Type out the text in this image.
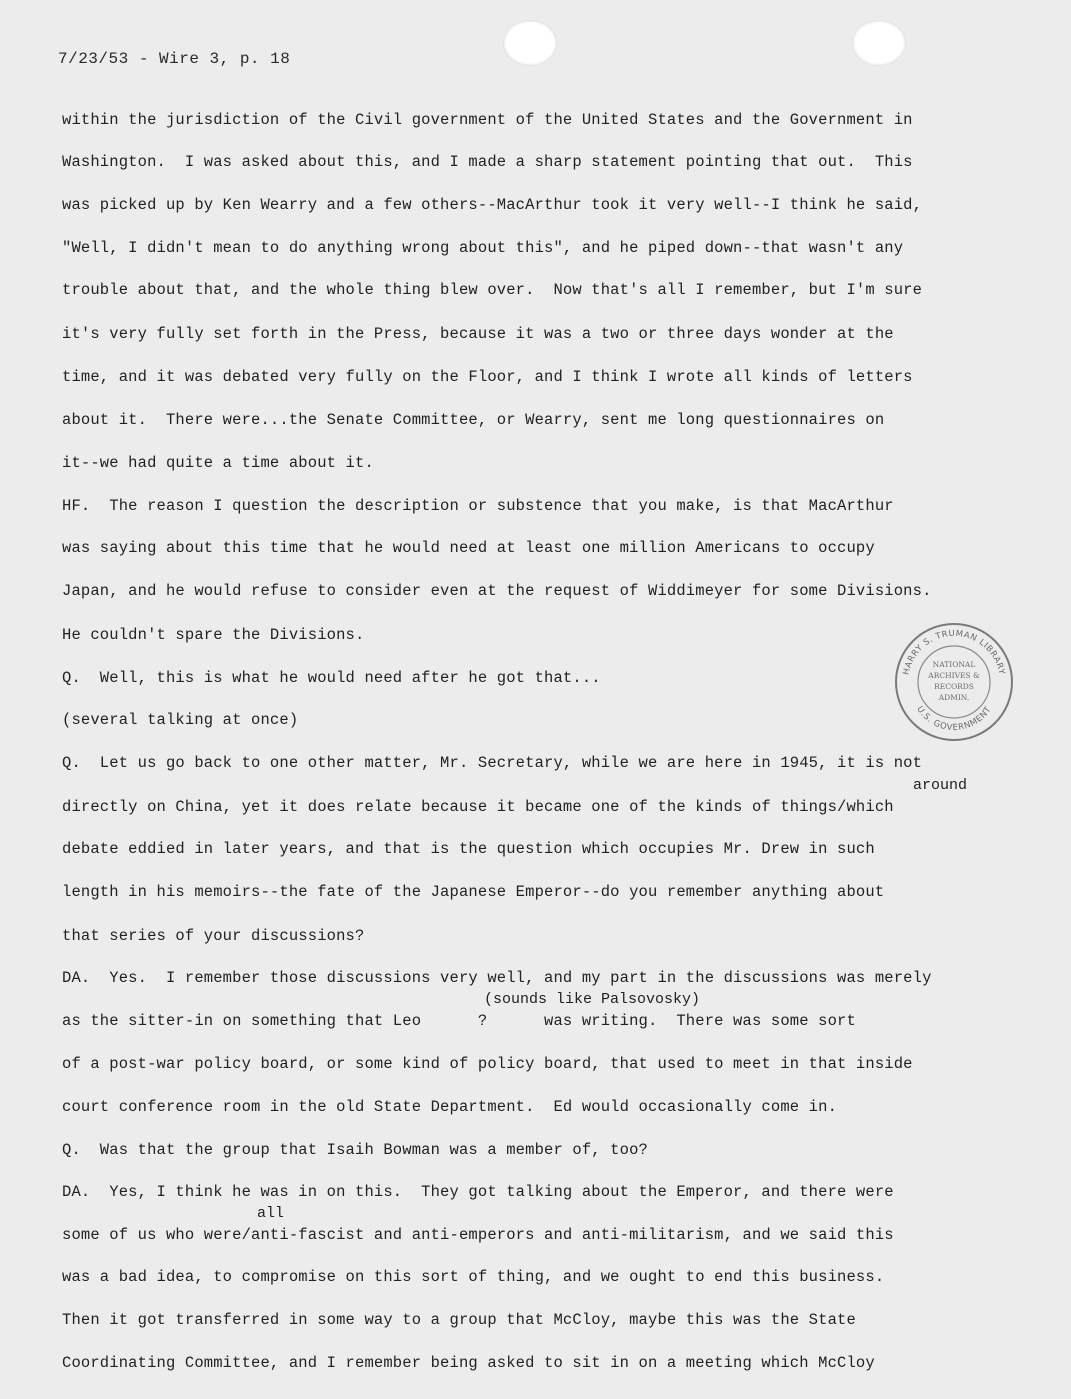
7/23/53 - Wire 3, p. 18
within the jurisdiction of the Civil government of the United States and the Government in
Washington.  I was asked about this, and I made a sharp statement pointing that out.  This
was picked up by Ken Wearry and a few others--MacArthur took it very well--I think he said,
"Well, I didn't mean to do anything wrong about this", and he piped down--that wasn't any
trouble about that, and the whole thing blew over.  Now that's all I remember, but I'm sure
it's very fully set forth in the Press, because it was a two or three days wonder at the
time, and it was debated very fully on the Floor, and I think I wrote all kinds of letters
about it.  There were...the Senate Committee, or Wearry, sent me long questionnaires on
it--we had quite a time about it.
HF.  The reason I question the description or substence that you make, is that MacArthur
was saying about this time that he would need at least one million Americans to occupy
Japan, and he would refuse to consider even at the request of Widdimeyer for some Divisions.
He couldn't spare the Divisions.
Q.  Well, this is what he would need after he got that...
(several talking at once)
Q.  Let us go back to one other matter, Mr. Secretary, while we are here in 1945, it is not
around
directly on China, yet it does relate because it became one of the kinds of things/which
debate eddied in later years, and that is the question which occupies Mr. Drew in such
length in his memoirs--the fate of the Japanese Emperor--do you remember anything about
that series of your discussions?
DA.  Yes.  I remember those discussions very well, and my part in the discussions was merely
(sounds like Palsovosky)
as the sitter-in on something that Leo      ?      was writing.  There was some sort
of a post-war policy board, or some kind of policy board, that used to meet in that inside
court conference room in the old State Department.  Ed would occasionally come in.
Q.  Was that the group that Isaih Bowman was a member of, too?
DA.  Yes, I think he was in on this.  They got talking about the Emperor, and there were
all
some of us who were/anti-fascist and anti-emperors and anti-militarism, and we said this
was a bad idea, to compromise on this sort of thing, and we ought to end this business.
Then it got transferred in some way to a group that McCloy, maybe this was the State
Coordinating Committee, and I remember being asked to sit in on a meeting which McCloy
HARRY S. TRUMAN LIBRARY
U.S. GOVERNMENT
NATIONAL
ARCHIVES &
RECORDS
ADMIN.
